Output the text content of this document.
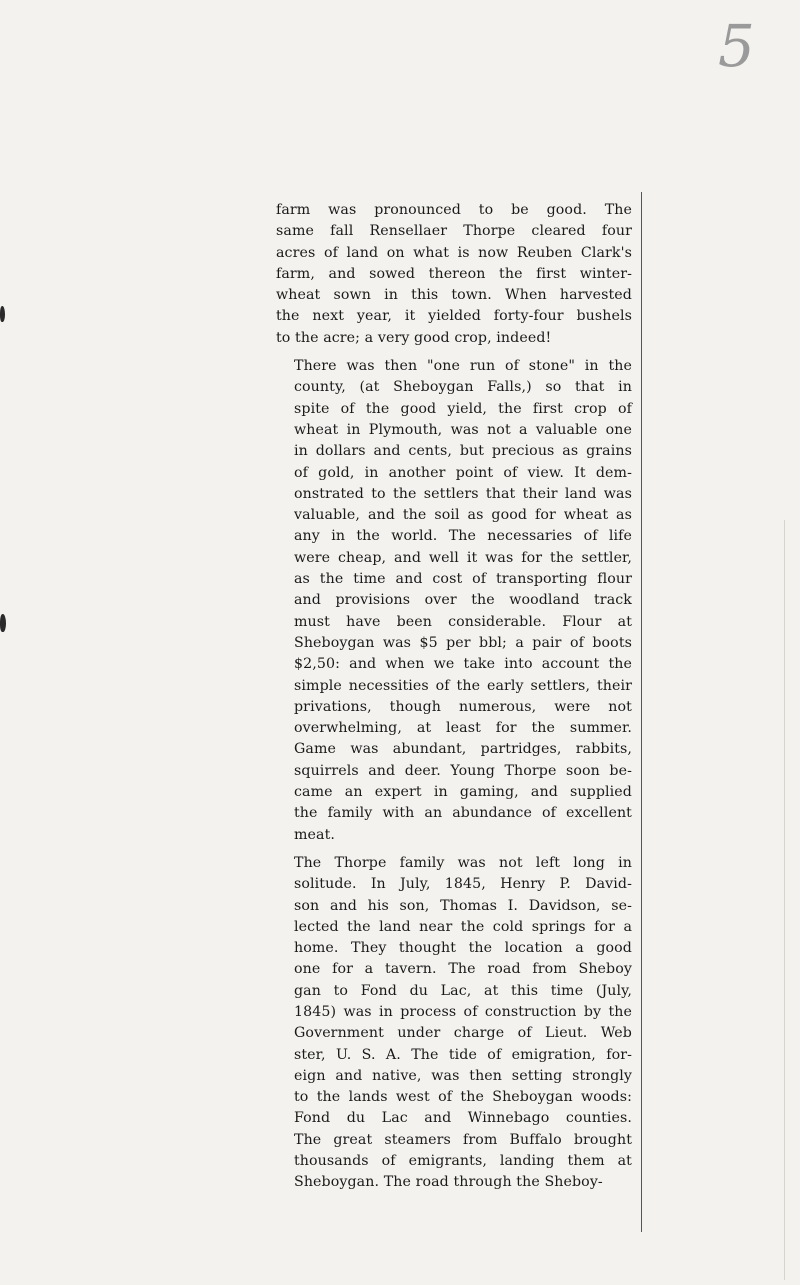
5

farm was pronounced to be good. The
same fall Rensellaer Thorpe cleared four
acres of land on what is now Reuben Clark's
farm, and sowed thereon the first winter-
wheat sown in this town. When harvested
the next year, it yielded forty-four bushels
to the acre; a very good crop, indeed!

There was then "one run of stone" in the
county, (at Sheboygan Falls,) so that in
spite of the good yield, the first crop of
wheat in Plymouth, was not a valuable one
in dollars and cents, but precious as grains
of gold, in another point of view. It dem-
onstrated to the settlers that their land was
valuable, and the soil as good for wheat as
any in the world. The necessaries of life
were cheap, and well it was for the settler,
as the time and cost of transporting flour
and provisions over the woodland track
must have been considerable. Flour at
Sheboygan was $5 per bbl; a pair of boots
$2,50: and when we take into account the
simple necessities of the early settlers, their
privations, though numerous, were not
overwhelming, at least for the summer.
Game was abundant, partridges, rabbits,
squirrels and deer. Young Thorpe soon be-
came an expert in gaming, and supplied
the family with an abundance of excellent
meat.

The Thorpe family was not left long in
solitude. In July, 1845, Henry P. David-
son and his son, Thomas I. Davidson, se-
lected the land near the cold springs for a
home. They thought the location a good
one for a tavern. The road from Sheboy
gan to Fond du Lac, at this time (July,
1845) was in process of construction by the
Government under charge of Lieut. Web
ster, U. S. A. The tide of emigration, for-
eign and native, was then setting strongly
to the lands west of the Sheboygan woods:
Fond du Lac and Winnebago counties.
The great steamers from Buffalo brought
thousands of emigrants, landing them at
Sheboygan. The road through the Sheboy-
